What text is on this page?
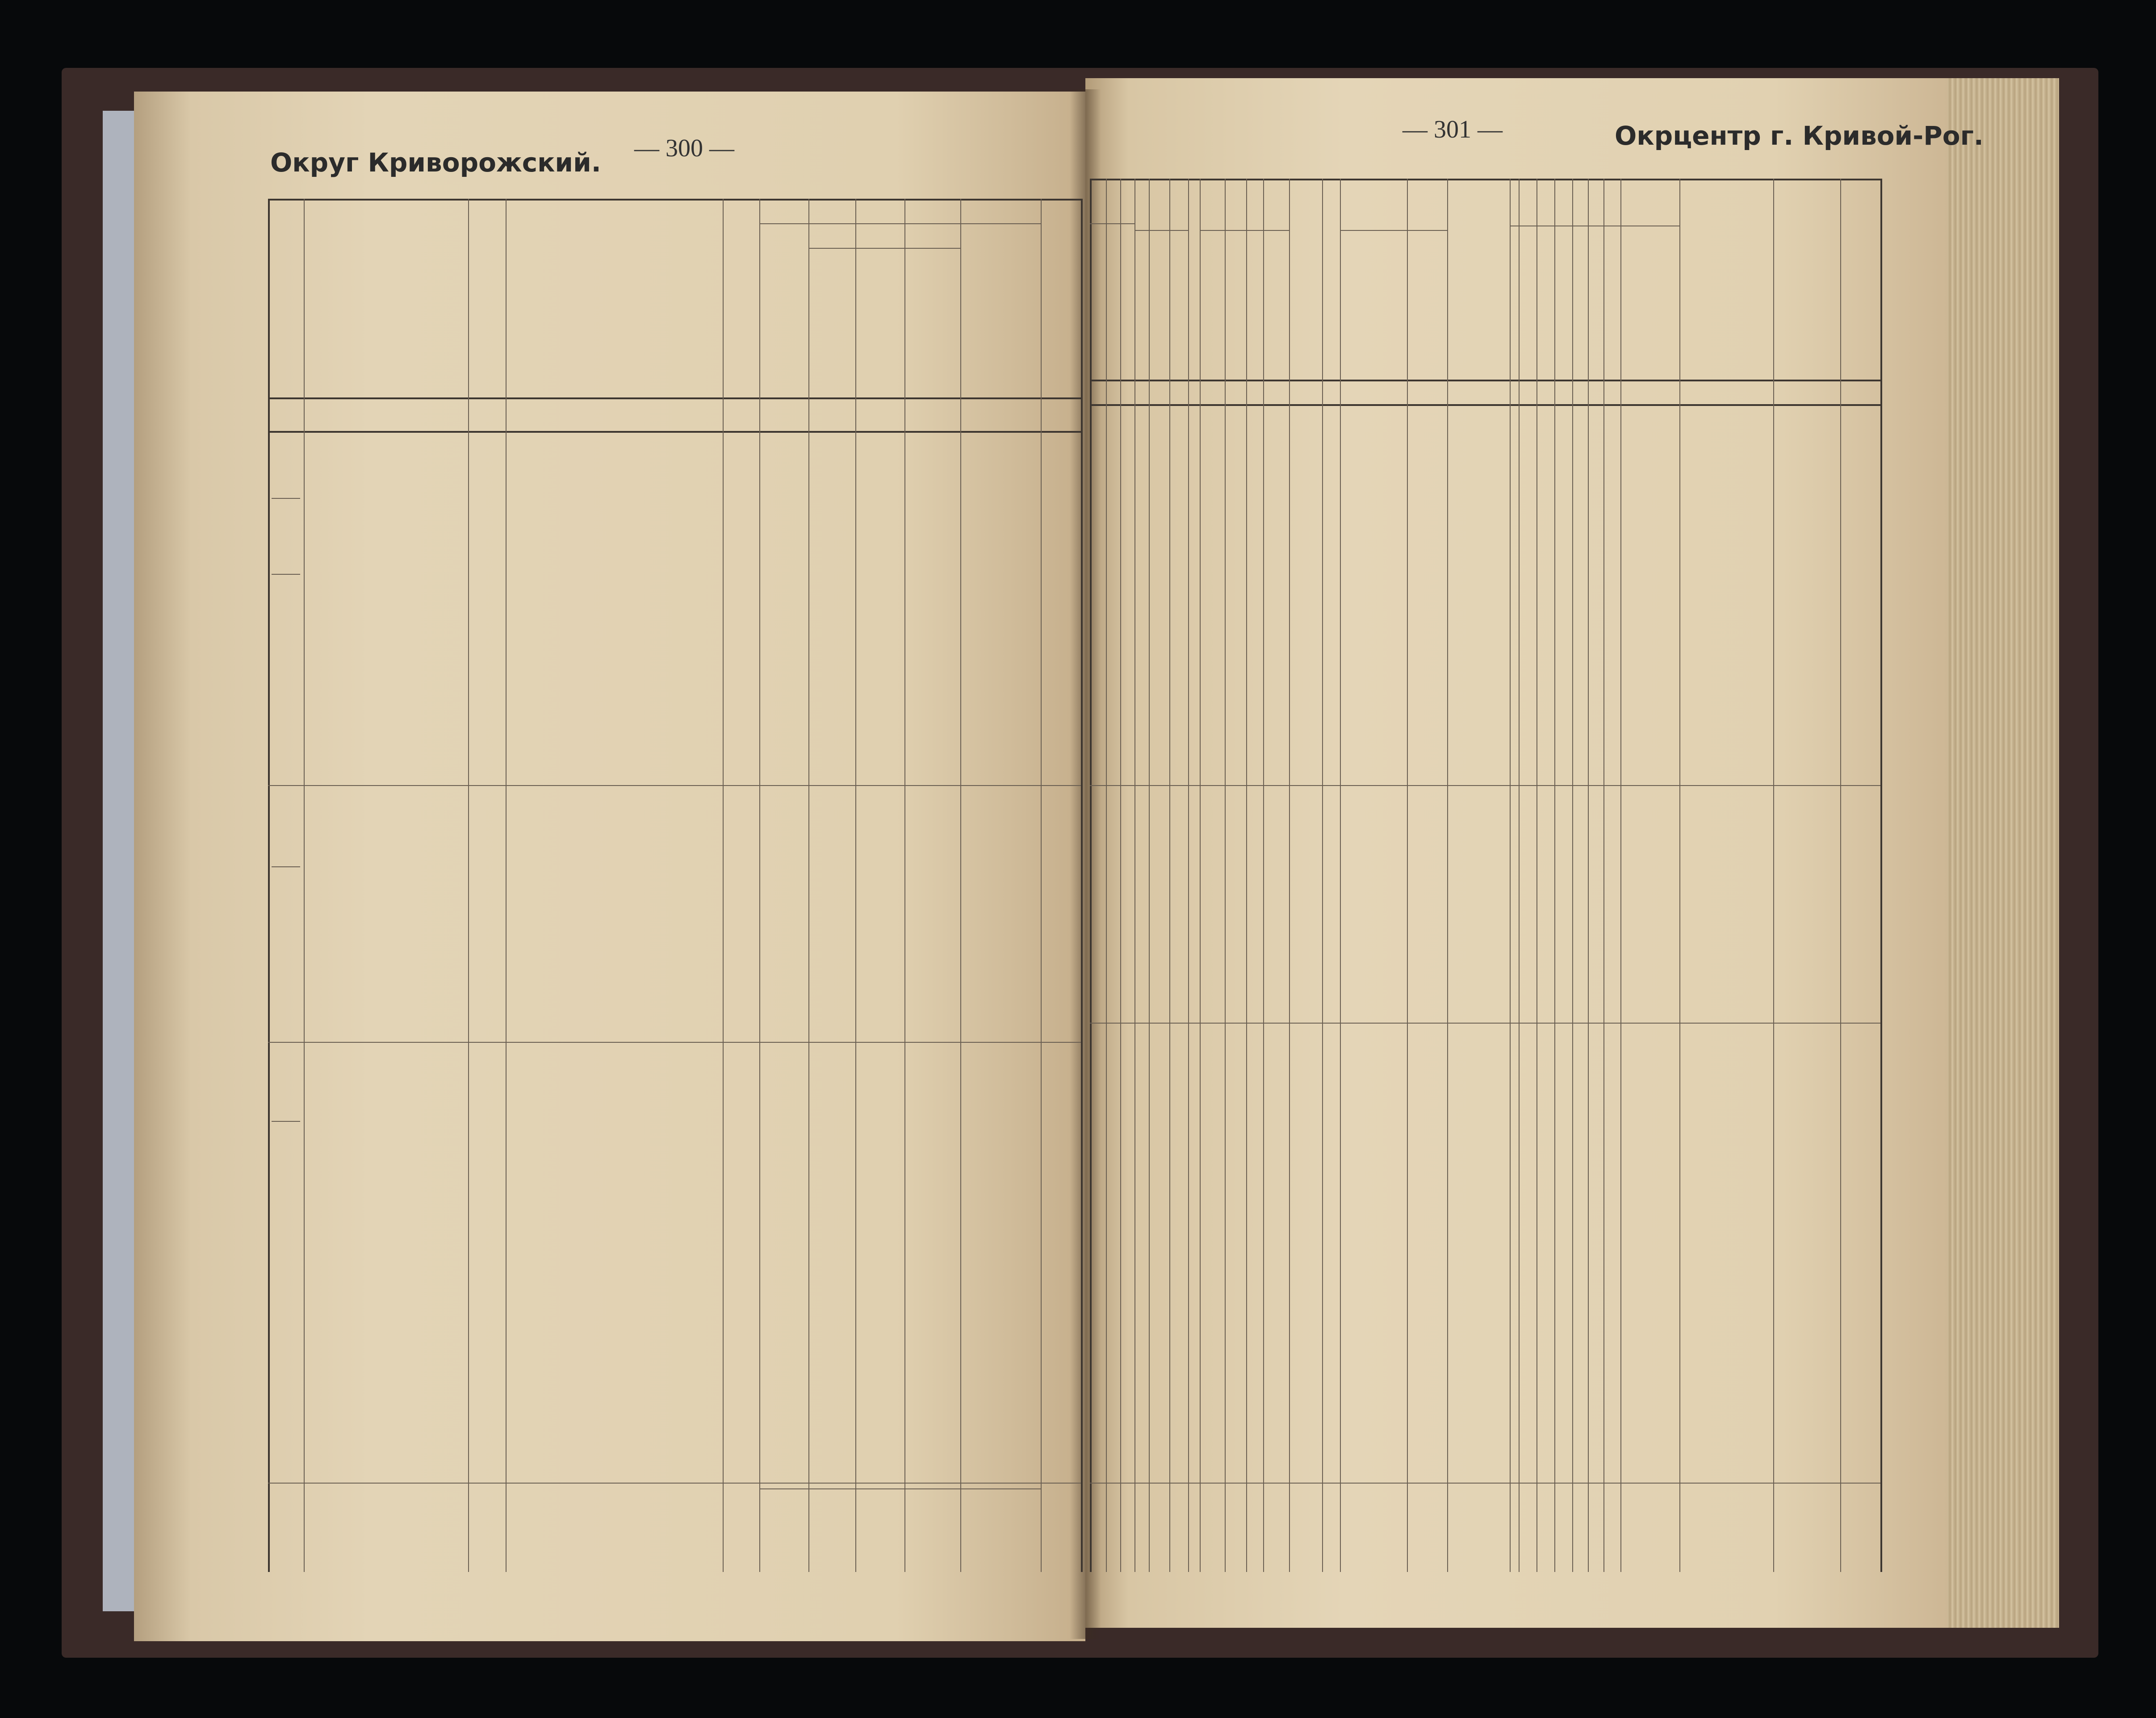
Округ Криворожский. — 300 —
— 301 —	Окрцентр г. Кривой-Рог.
